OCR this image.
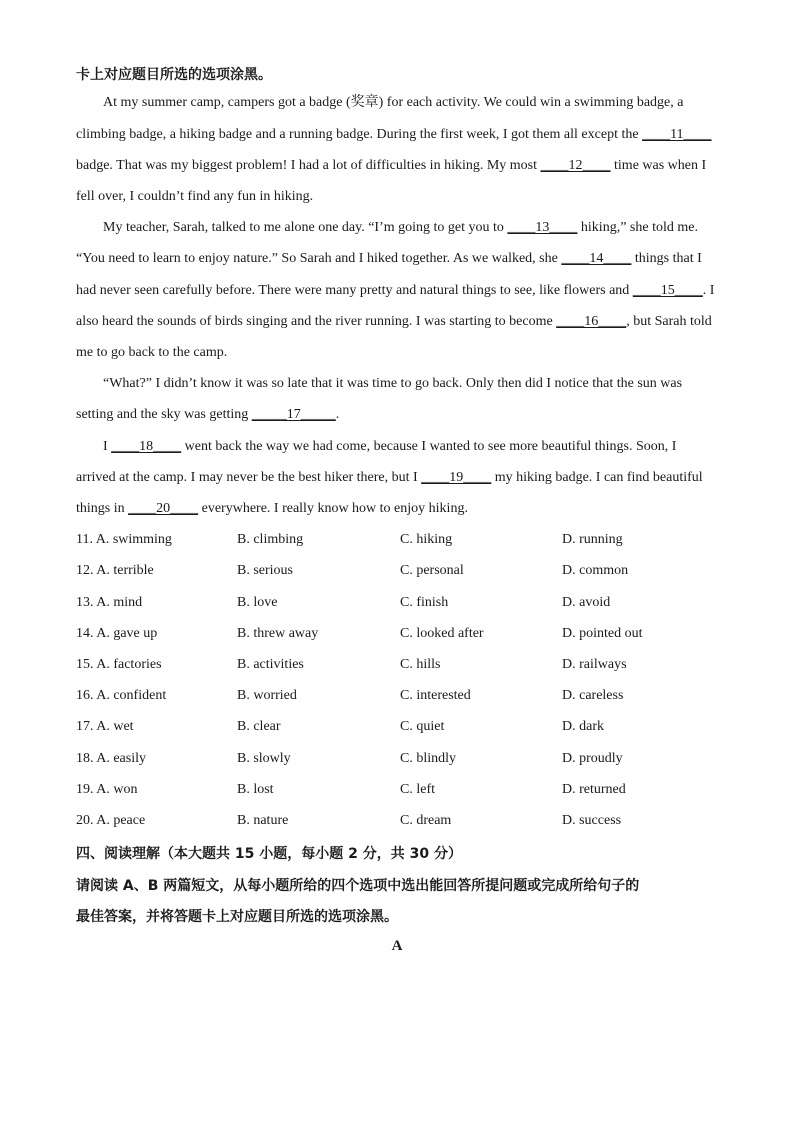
卡上对应题目所选的选项涂黑。
At my summer camp, campers got a badge (奖章) for each activity. We could win a swimming badge, a
climbing badge, a hiking badge and a running badge. During the first week, I got them all except the ____11____
badge. That was my biggest problem! I had a lot of difficulties in hiking. My most ____12____ time was when I
fell over, I couldn’t find any fun in hiking.
My teacher, Sarah, talked to me alone one day. “I’m going to get you to ____13____ hiking,” she told me.
“You need to learn to enjoy nature.” So Sarah and I hiked together. As we walked, she ____14____ things that I
had never seen carefully before. There were many pretty and natural things to see, like flowers and ____15____. I
also heard the sounds of birds singing and the river running. I was starting to become ____16____, but Sarah told
me to go back to the camp.
“What?” I didn’t know it was so late that it was time to go back. Only then did I notice that the sun was
setting and the sky was getting _____17_____.
I ____18____ went back the way we had come, because I wanted to see more beautiful things. Soon, I
arrived at the camp. I may never be the best hiker there, but I ____19____ my hiking badge. I can find beautiful
things in ____20____ everywhere. I really know how to enjoy hiking.
11. A. swimming	B. climbing	C. hiking	D. running
12. A. terrible	B. serious	C. personal	D. common
13. A. mind	B. love	C. finish	D. avoid
14. A. gave up	B. threw away	C. looked after	D. pointed out
15. A. factories	B. activities	C. hills	D. railways
16. A. confident	B. worried	C. interested	D. careless
17. A. wet	B. clear	C. quiet	D. dark
18. A. easily	B. slowly	C. blindly	D. proudly
19. A. won	B. lost	C. left	D. returned
20. A. peace	B. nature	C. dream	D. success
四、阅读理解（本大题共 15 小题，每小题 2 分，共 30 分）
请阅读 A、B 两篇短文，从每小题所给的四个选项中选出能回答所提问题或完成所给句子的
最佳答案，并将答题卡上对应题目所选的选项涂黑。
A
